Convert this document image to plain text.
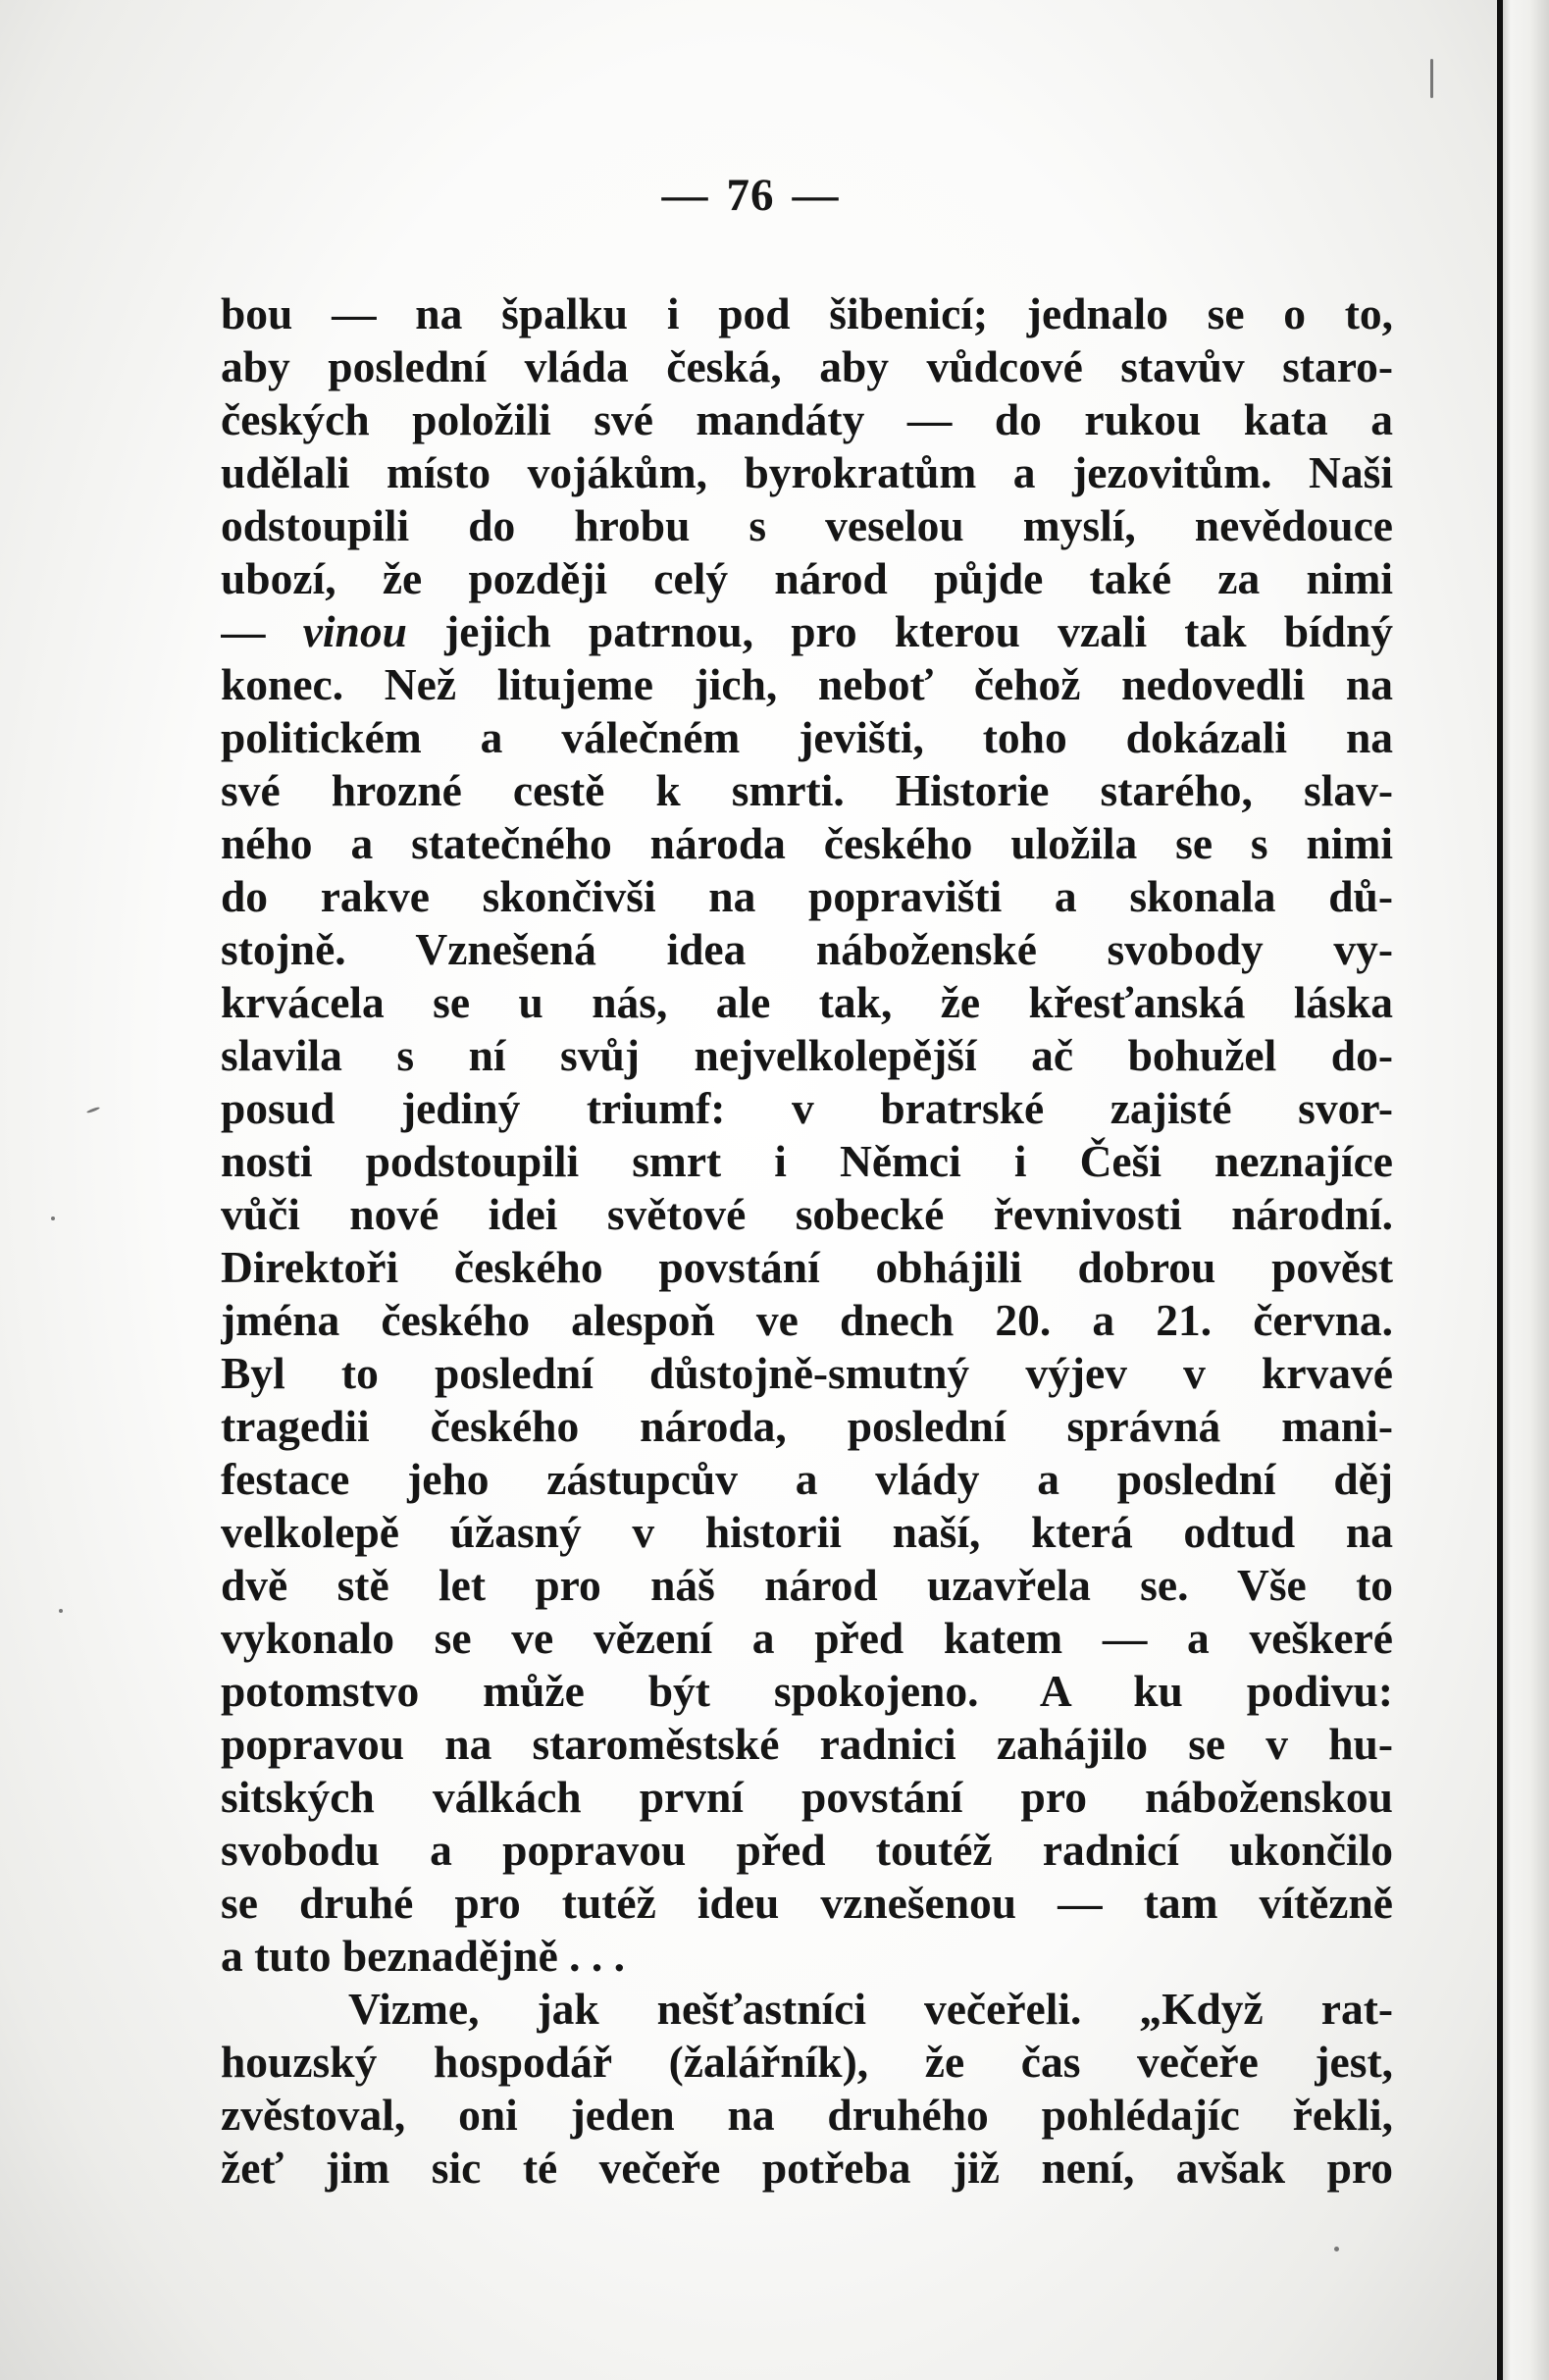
— 76 —
bou — na špalku i pod šibenicí; jednalo se o to,
aby poslední vláda česká, aby vůdcové stavův staro-
českých položili své mandáty — do rukou kata a
udělali místo vojákům, byrokratům a jezovitům. Naši
odstoupili do hrobu s veselou myslí, nevědouce
ubozí, že později celý národ půjde také za nimi
— vinou jejich patrnou, pro kterou vzali tak bídný
konec. Než litujeme jich, neboť čehož nedovedli na
politickém a válečném jevišti, toho dokázali na
své hrozné cestě k smrti. Historie starého, slav-
ného a statečného národa českého uložila se s nimi
do rakve skončivši na popravišti a skonala dů-
stojně. Vznešená idea náboženské svobody vy-
krvácela se u nás, ale tak, že křesťanská láska
slavila s ní svůj nejvelkolepější ač bohužel do-
posud jediný triumf: v bratrské zajisté svor-
nosti podstoupili smrt i Němci i Češi neznajíce
vůči nové idei světové sobecké řevnivosti národní.
Direktoři českého povstání obhájili dobrou pověst
jména českého alespoň ve dnech 20. a 21. června.
Byl to poslední důstojně-smutný výjev v krvavé
tragedii českého národa, poslední správná mani-
festace jeho zástupcův a vlády a poslední děj
velkolepě úžasný v historii naší, která odtud na
dvě stě let pro náš národ uzavřela se. Vše to
vykonalo se ve vězení a před katem — a veškeré
potomstvo může být spokojeno. A ku podivu:
popravou na staroměstské radnici zahájilo se v hu-
sitských válkách první povstání pro náboženskou
svobodu a popravou před toutéž radnicí ukončilo
se druhé pro tutéž ideu vznešenou — tam vítězně
a tuto beznadějně . . .
Vizme, jak nešťastníci večeřeli. „Když rat-
houzský hospodář (žalářník), že čas večeře jest,
zvěstoval, oni jeden na druhého pohlédajíc řekli,
žeť jim sic té večeře potřeba již není, avšak pro
